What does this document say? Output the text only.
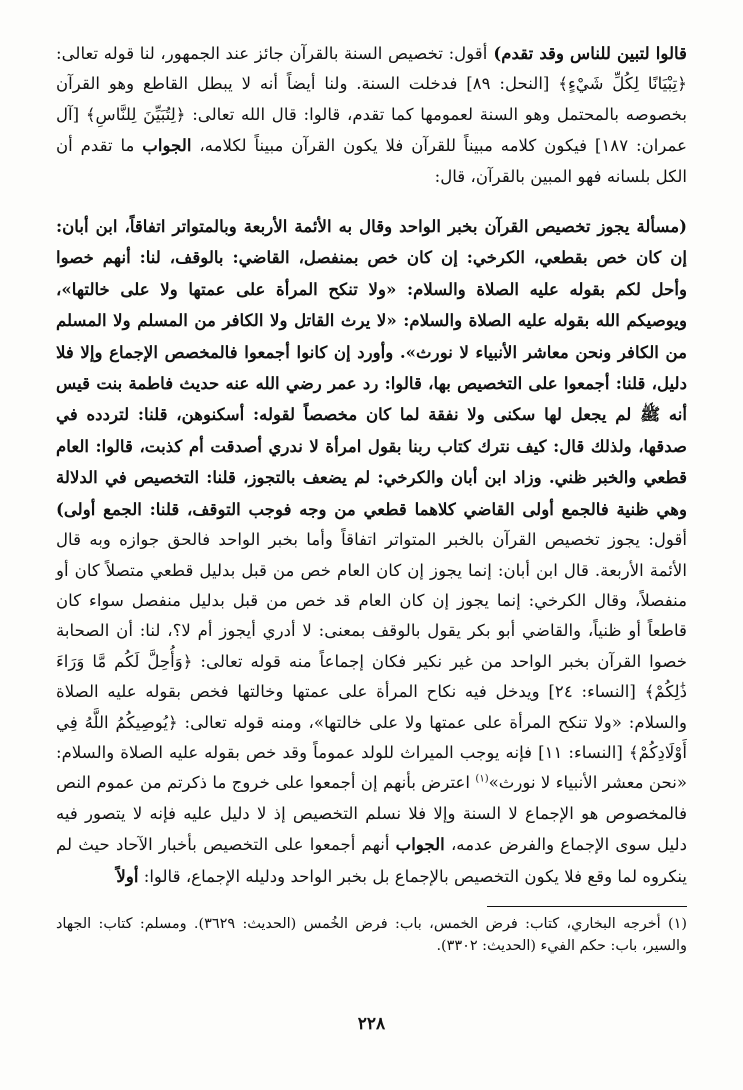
قالوا لتبين للناس وقد تقدم) أقول: تخصيص السنة بالقرآن جائز عند الجمهور، لنا قوله تعالى: ﴿تِبْيَانًا لِكُلِّ شَيْءٍ﴾ [النحل: ٨٩] فدخلت السنة. ولنا أيضاً أنه لا يبطل القاطع وهو القرآن بخصوصه بالمحتمل وهو السنة لعمومها كما تقدم، قالوا: قال الله تعالى: ﴿لِتُبَيِّنَ لِلنَّاسِ﴾ [آل عمران: ١٨٧] فيكون كلامه مبيناً للقرآن فلا يكون القرآن مبيناً لكلامه، الجواب ما تقدم أن الكل بلسانه فهو المبين بالقرآن، قال:

(مسألة يجوز تخصيص القرآن بخبر الواحد وقال به الأئمة الأربعة وبالمتواتر اتفاقاً، ابن أبان: إن كان خص بقطعي، الكرخي: إن كان خص بمنفصل، القاضي: بالوقف، لنا: أنهم خصوا وأحل لكم بقوله عليه الصلاة والسلام: «ولا تنكح المرأة على عمتها ولا على خالتها»، ويوصيكم الله بقوله عليه الصلاة والسلام: «لا يرث القاتل ولا الكافر من المسلم ولا المسلم من الكافر ونحن معاشر الأنبياء لا نورث». وأورد إن كانوا أجمعوا فالمخصص الإجماع وإلا فلا دليل، قلنا: أجمعوا على التخصيص بها، قالوا: رد عمر رضي الله عنه حديث فاطمة بنت قيس أنه ﷺ لم يجعل لها سكنى ولا نفقة لما كان مخصصاً لقوله: أسكنوهن، قلنا: لتردده في صدقها، ولذلك قال: كيف نترك كتاب ربنا بقول امرأة لا ندري أصدقت أم كذبت، قالوا: العام قطعي والخبر ظني. وزاد ابن أبان والكرخي: لم يضعف بالتجوز، قلنا: التخصيص في الدلالة وهي ظنية فالجمع أولى القاضي كلاهما قطعي من وجه فوجب التوقف، قلنا: الجمع أولى) أقول: يجوز تخصيص القرآن بالخبر المتواتر اتفاقاً وأما بخبر الواحد فالحق جوازه وبه قال الأئمة الأربعة. قال ابن أبان: إنما يجوز إن كان العام خص من قبل بدليل قطعي متصلاً كان أو منفصلاً، وقال الكرخي: إنما يجوز إن كان العام قد خص من قبل بدليل منفصل سواء كان قاطعاً أو ظنياً، والقاضي أبو بكر يقول بالوقف بمعنى: لا أدري أيجوز أم لا؟، لنا: أن الصحابة خصوا القرآن بخبر الواحد من غير نكير فكان إجماعاً منه قوله تعالى: ﴿وَأُحِلَّ لَكُم مَّا وَرَاءَ ذَٰلِكُمْ﴾ [النساء: ٢٤] ويدخل فيه نكاح المرأة على عمتها وخالتها فخص بقوله عليه الصلاة والسلام: «ولا تنكح المرأة على عمتها ولا على خالتها»، ومنه قوله تعالى: ﴿يُوصِيكُمُ اللَّهُ فِي أَوْلَادِكُمْ﴾ [النساء: ١١] فإنه يوجب الميراث للولد عموماً وقد خص بقوله عليه الصلاة والسلام: «نحن معشر الأنبياء لا نورث»$^{(١)}$ اعترض بأنهم إن أجمعوا على خروج ما ذكرتم من عموم النص فالمخصوص هو الإجماع لا السنة وإلا فلا نسلم التخصيص إذ لا دليل عليه فإنه لا يتصور فيه دليل سوى الإجماع والفرض عدمه، الجواب أنهم أجمعوا على التخصيص بأخبار الآحاد حيث لم ينكروه لما وقع فلا يكون التخصيص بالإجماع بل بخبر الواحد ودليله الإجماع، قالوا: أولاً

(١) أخرجه البخاري، كتاب: فرض الخمس، باب: فرض الخُمس (الحديث: ٣٦٢٩). ومسلم: كتاب: الجهاد والسير، باب: حكم الفيء (الحديث: ٣٣٠٢).

٢٢٨
